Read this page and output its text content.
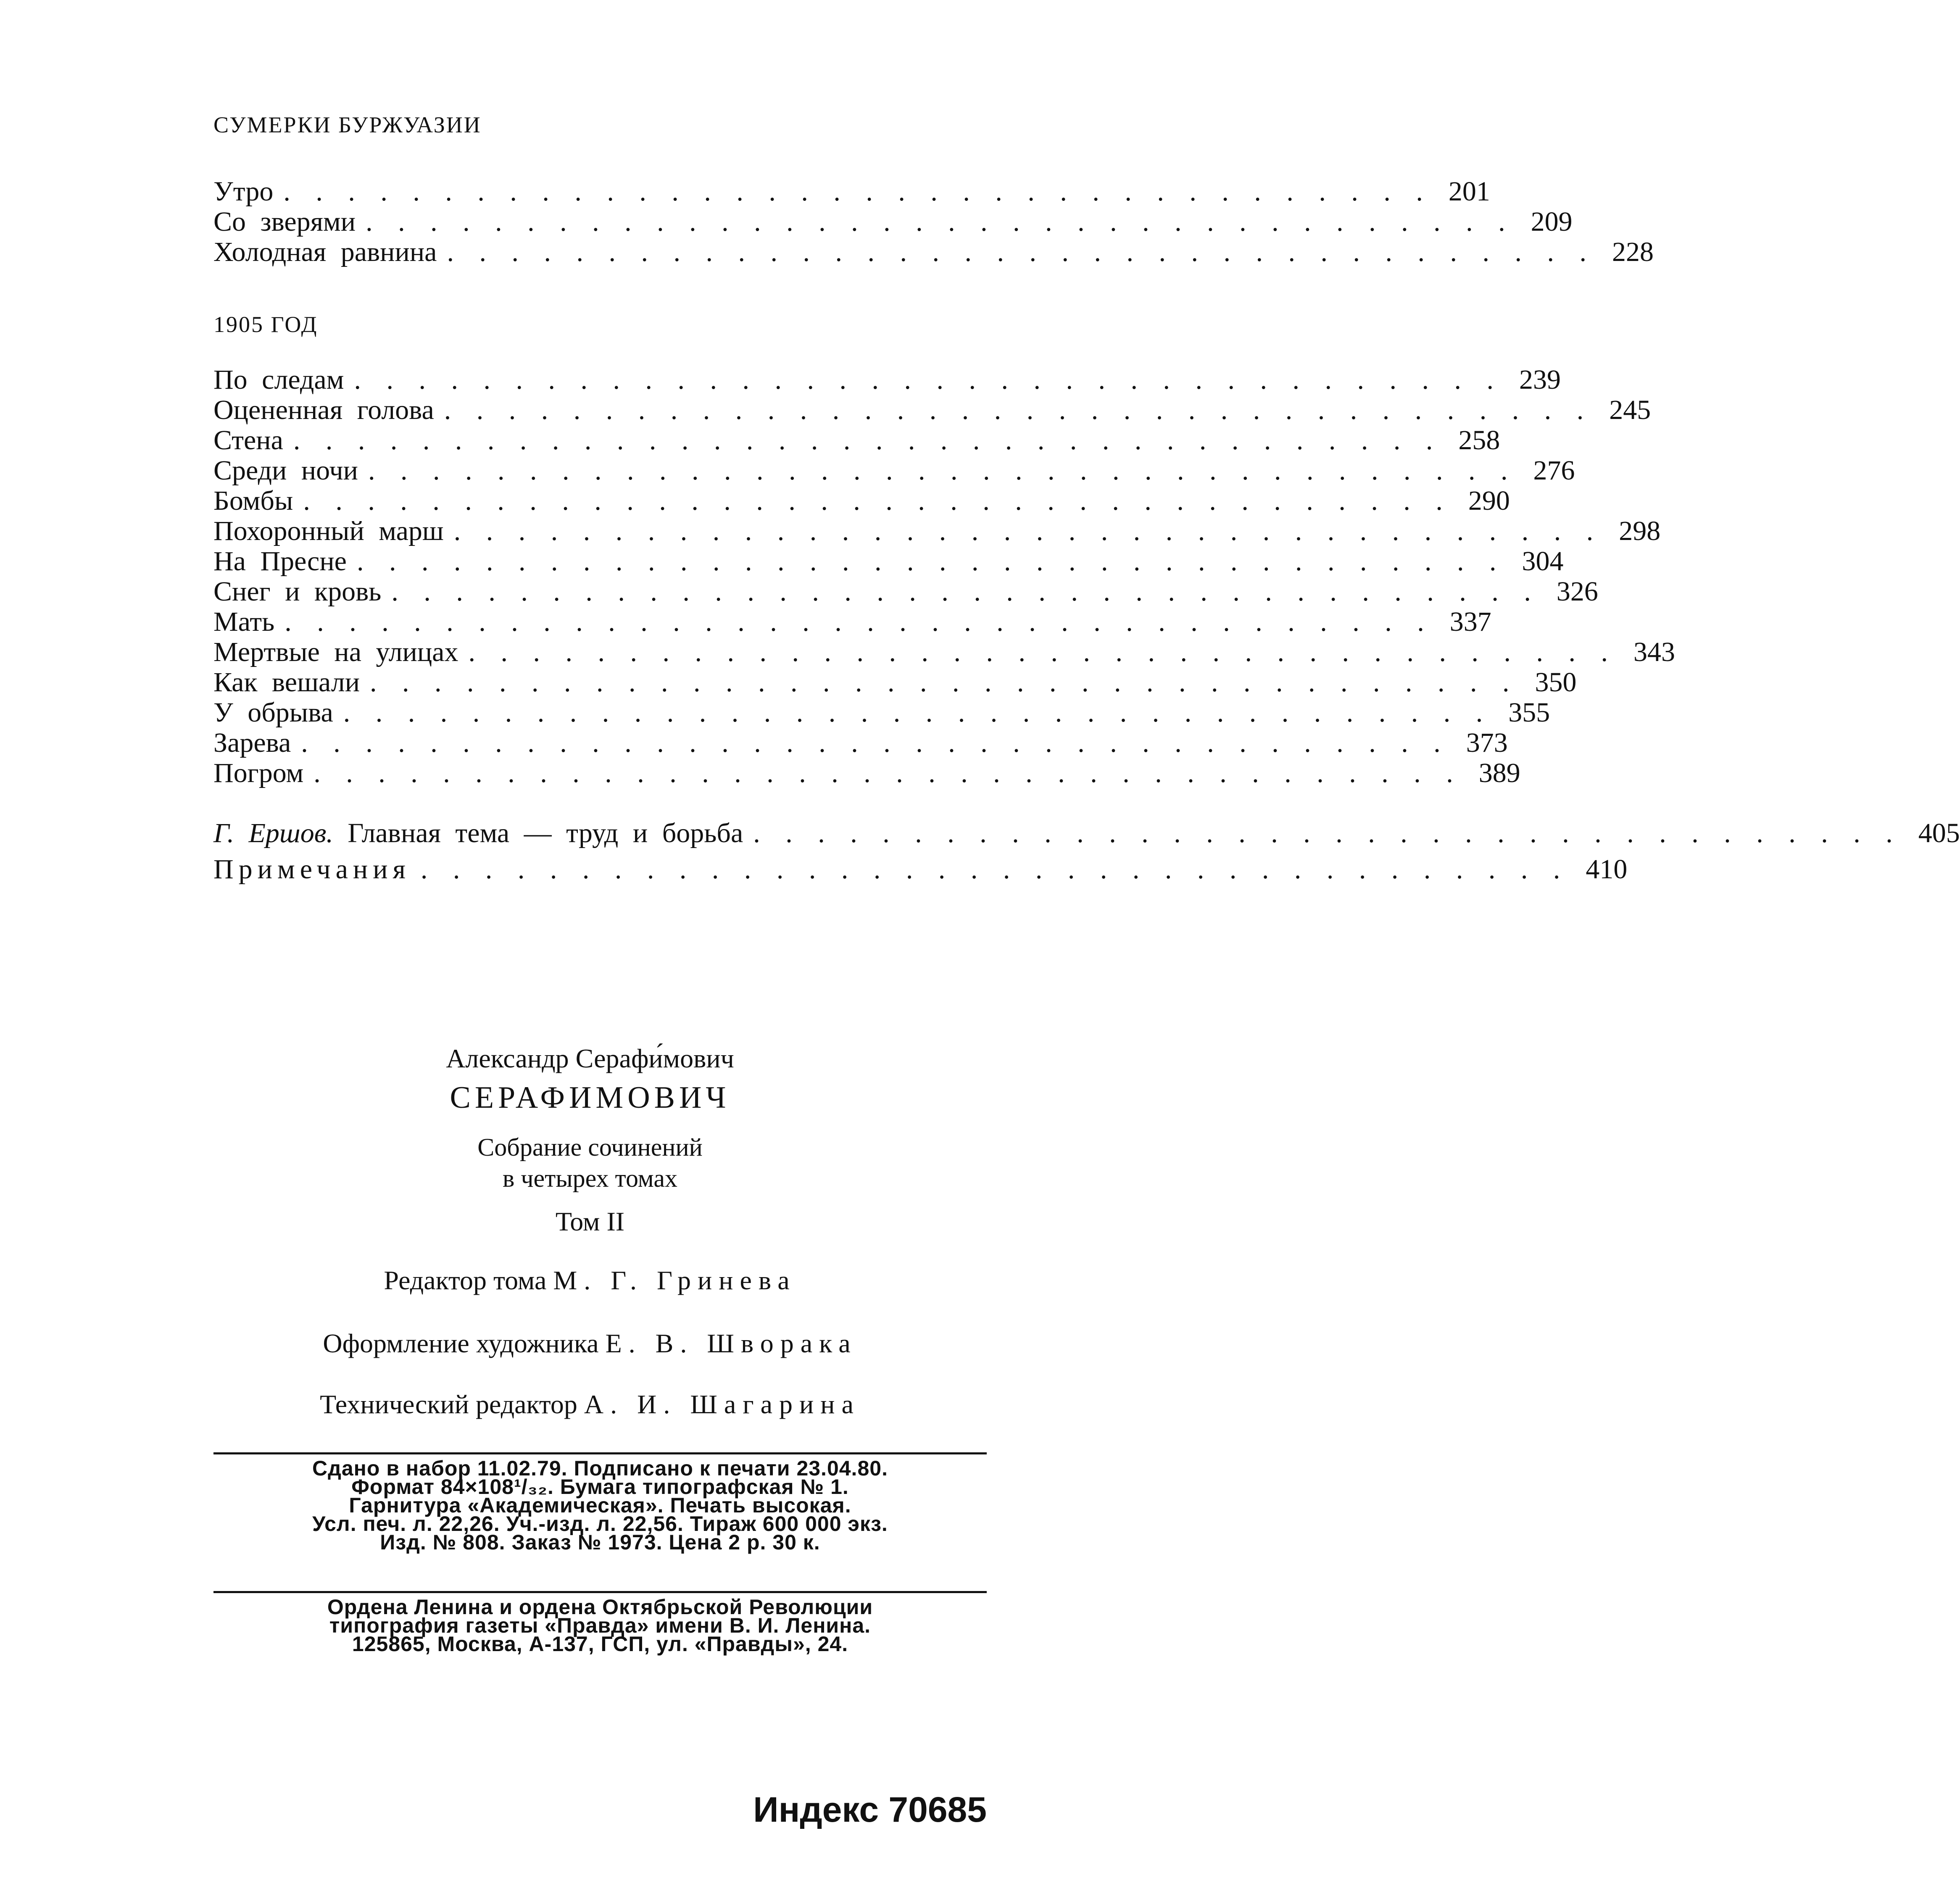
СУМЕРКИ БУРЖУАЗИИ
Утро . . . . . . . . . . . . . . . . . . . . . . . . . . . . . . . . . . . . 201
Со зверями . . . . . . . . . . . . . . . . . . . . . . . . . . . . . . . . . . . . 209
Холодная равнина . . . . . . . . . . . . . . . . . . . . . . . . . . . . . . . . . . . . 228
1905 ГОД
По следам . . . . . . . . . . . . . . . . . . . . . . . . . . . . . . . . . . . . 239
Оцененная голова . . . . . . . . . . . . . . . . . . . . . . . . . . . . . . . . . . . . 245
Стена . . . . . . . . . . . . . . . . . . . . . . . . . . . . . . . . . . . . 258
Среди ночи . . . . . . . . . . . . . . . . . . . . . . . . . . . . . . . . . . . . 276
Бомбы . . . . . . . . . . . . . . . . . . . . . . . . . . . . . . . . . . . . 290
Похоронный марш . . . . . . . . . . . . . . . . . . . . . . . . . . . . . . . . . . . . 298
На Пресне . . . . . . . . . . . . . . . . . . . . . . . . . . . . . . . . . . . . 304
Снег и кровь . . . . . . . . . . . . . . . . . . . . . . . . . . . . . . . . . . . . 326
Мать . . . . . . . . . . . . . . . . . . . . . . . . . . . . . . . . . . . . 337
Мертвые на улицах . . . . . . . . . . . . . . . . . . . . . . . . . . . . . . . . . . . . 343
Как вешали . . . . . . . . . . . . . . . . . . . . . . . . . . . . . . . . . . . . 350
У обрыва . . . . . . . . . . . . . . . . . . . . . . . . . . . . . . . . . . . . 355
Зарева . . . . . . . . . . . . . . . . . . . . . . . . . . . . . . . . . . . . 373
Погром . . . . . . . . . . . . . . . . . . . . . . . . . . . . . . . . . . . . 389
Г. Ершов. Главная тема — труд и борьба . . . . . . . . . . . . . . . . . . . . . . . . . . . . . . . . . . . . 405
Примечания . . . . . . . . . . . . . . . . . . . . . . . . . . . . . . . . . . . . 410
Александр Серафи́мович
СЕРАФИМОВИЧ
Собрание сочинений
в четырех томах
Том II
Редактор тома М. Г. Гринева
Оформление художника Е. В. Шворака
Технический редактор А. И. Шагарина
Сдано в набор 11.02.79. Подписано к печати 23.04.80.
Формат 84×108¹/₃₂. Бумага типографская № 1.
Гарнитура «Академическая». Печать высокая.
Усл. печ. л. 22,26. Уч.-изд. л. 22,56. Тираж 600 000 экз.
Изд. № 808. Заказ № 1973. Цена 2 р. 30 к.
Ордена Ленина и ордена Октябрьской Революции
типография газеты «Правда» имени В. И. Ленина.
125865, Москва, А-137, ГСП, ул. «Правды», 24.
Индекс 70685
